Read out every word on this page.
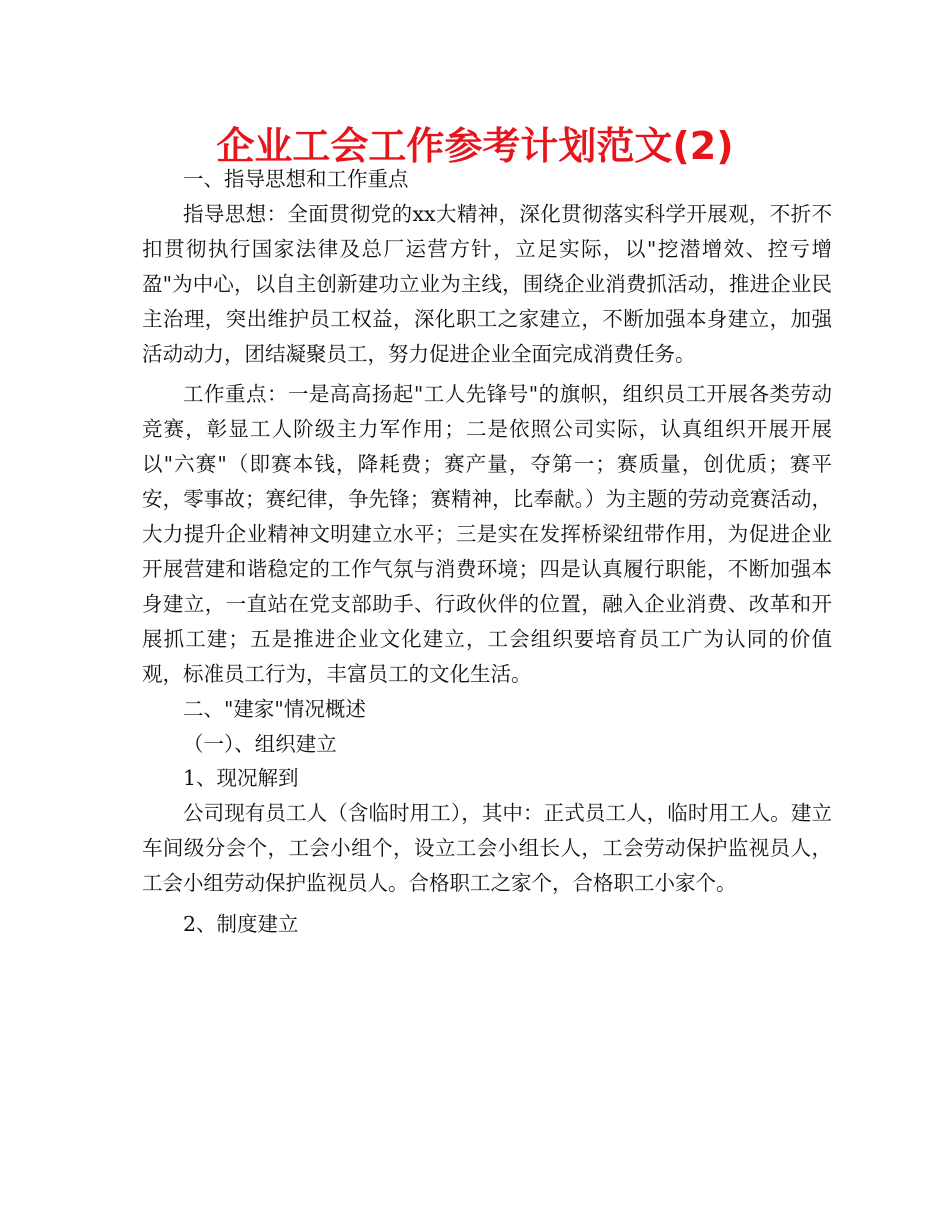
企业工会工作参考计划范文(2)

一、指导思想和工作重点

指导思想：全面贯彻党的xx大精神，深化贯彻落实科学开展观，不折不扣贯彻执行国家法律及总厂运营方针，立足实际，以"挖潜增效、控亏增盈"为中心，以自主创新建功立业为主线，围绕企业消费抓活动，推进企业民主治理，突出维护员工权益，深化职工之家建立，不断加强本身建立，加强活动动力，团结凝聚员工，努力促进企业全面完成消费任务。

工作重点：一是高高扬起"工人先锋号"的旗帜，组织员工开展各类劳动竞赛，彰显工人阶级主力军作用；二是依照公司实际，认真组织开展开展以"六赛"（即赛本钱，降耗费；赛产量，夺第一；赛质量，创优质；赛平安，零事故；赛纪律，争先锋；赛精神，比奉献。）为主题的劳动竞赛活动，大力提升企业精神文明建立水平；三是实在发挥桥梁纽带作用，为促进企业开展营建和谐稳定的工作气氛与消费环境；四是认真履行职能，不断加强本身建立，一直站在党支部助手、行政伙伴的位置，融入企业消费、改革和开展抓工建；五是推进企业文化建立，工会组织要培育员工广为认同的价值观，标准员工行为，丰富员工的文化生活。

二、"建家"情况概述

（一）、组织建立

1、现况解到

公司现有员工人（含临时用工），其中：正式员工人，临时用工人。建立车间级分会个，工会小组个，设立工会小组长人，工会劳动保护监视员人，工会小组劳动保护监视员人。合格职工之家个，合格职工小家个。

2、制度建立
